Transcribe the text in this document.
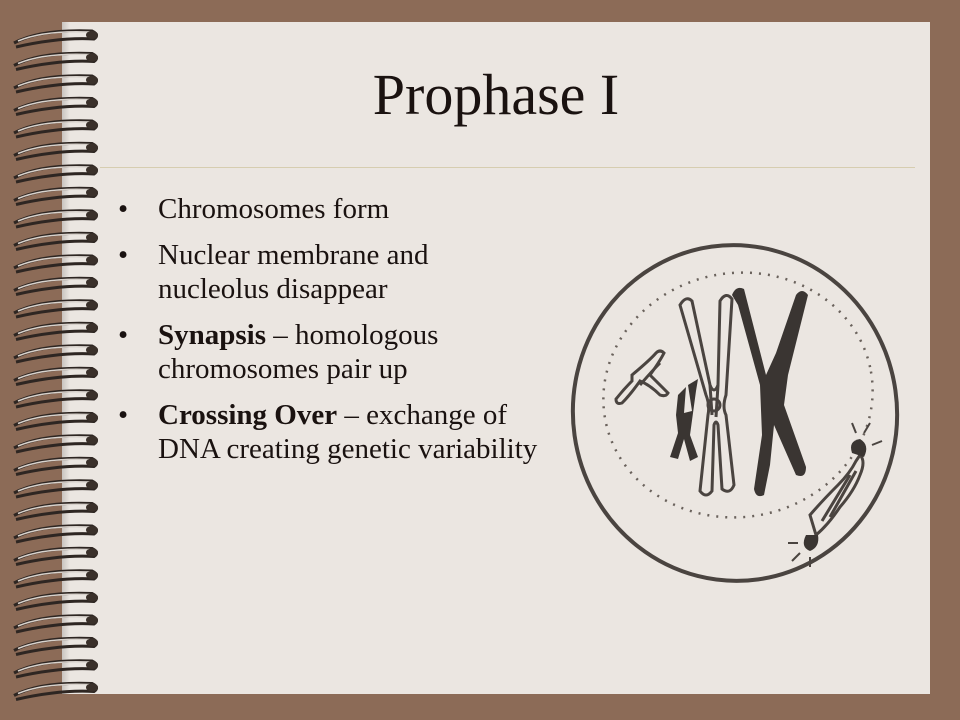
Prophase I
• Chromosomes form
• Nuclear membrane and nucleolus disappear
• Synapsis – homologous chromosomes pair up
• Crossing Over – exchange of DNA creating genetic variability
